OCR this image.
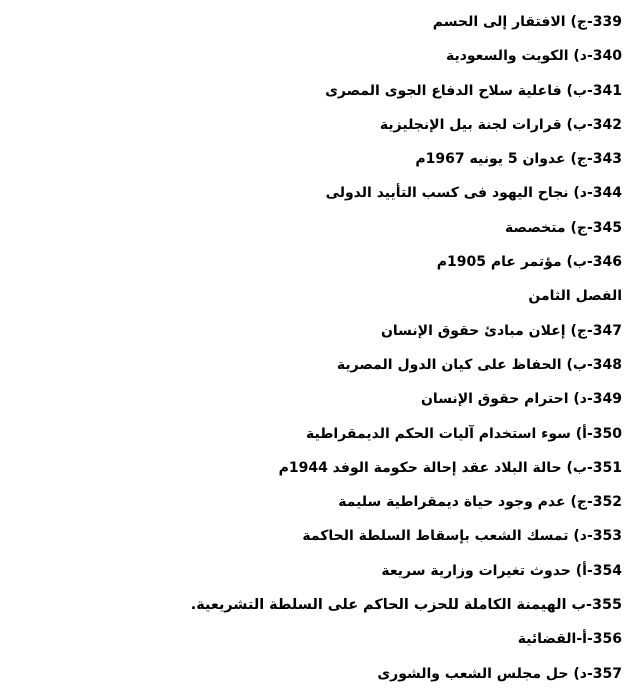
339-ج) الافتقار إلى الحسم
340-د) الكويت والسعودية
341-ب) فاعلية سلاح الدفاع الجوى المصرى
342-ب) قرارات لجنة بيل الإنجليزية
343-ج) عدوان 5 يونيه 1967م
344-د) نجاح اليهود فى كسب التأييد الدولى
345-ج) متخصصة
346-ب) مؤتمر عام 1905م
الفصل الثامن
347-ج) إعلان مبادئ حقوق الإنسان
348-ب) الحفاظ على كيان الدول المصرية
349-د) احترام حقوق الإنسان
350-أ) سوء استخدام آليات الحكم الديمقراطية
351-ب) حالة البلاد عقد إحالة حكومة الوفد 1944م
352-ج) عدم وجود حياة ديمقراطية سليمة
353-د) تمسك الشعب بإسقاط السلطة الحاكمة
354-أ) حدوث تغيرات وزارية سريعة
355-ب الهيمنة الكاملة للحزب الحاكم على السلطة التشريعية.
356-أ-القضائية
357-د) حل مجلس الشعب والشورى
